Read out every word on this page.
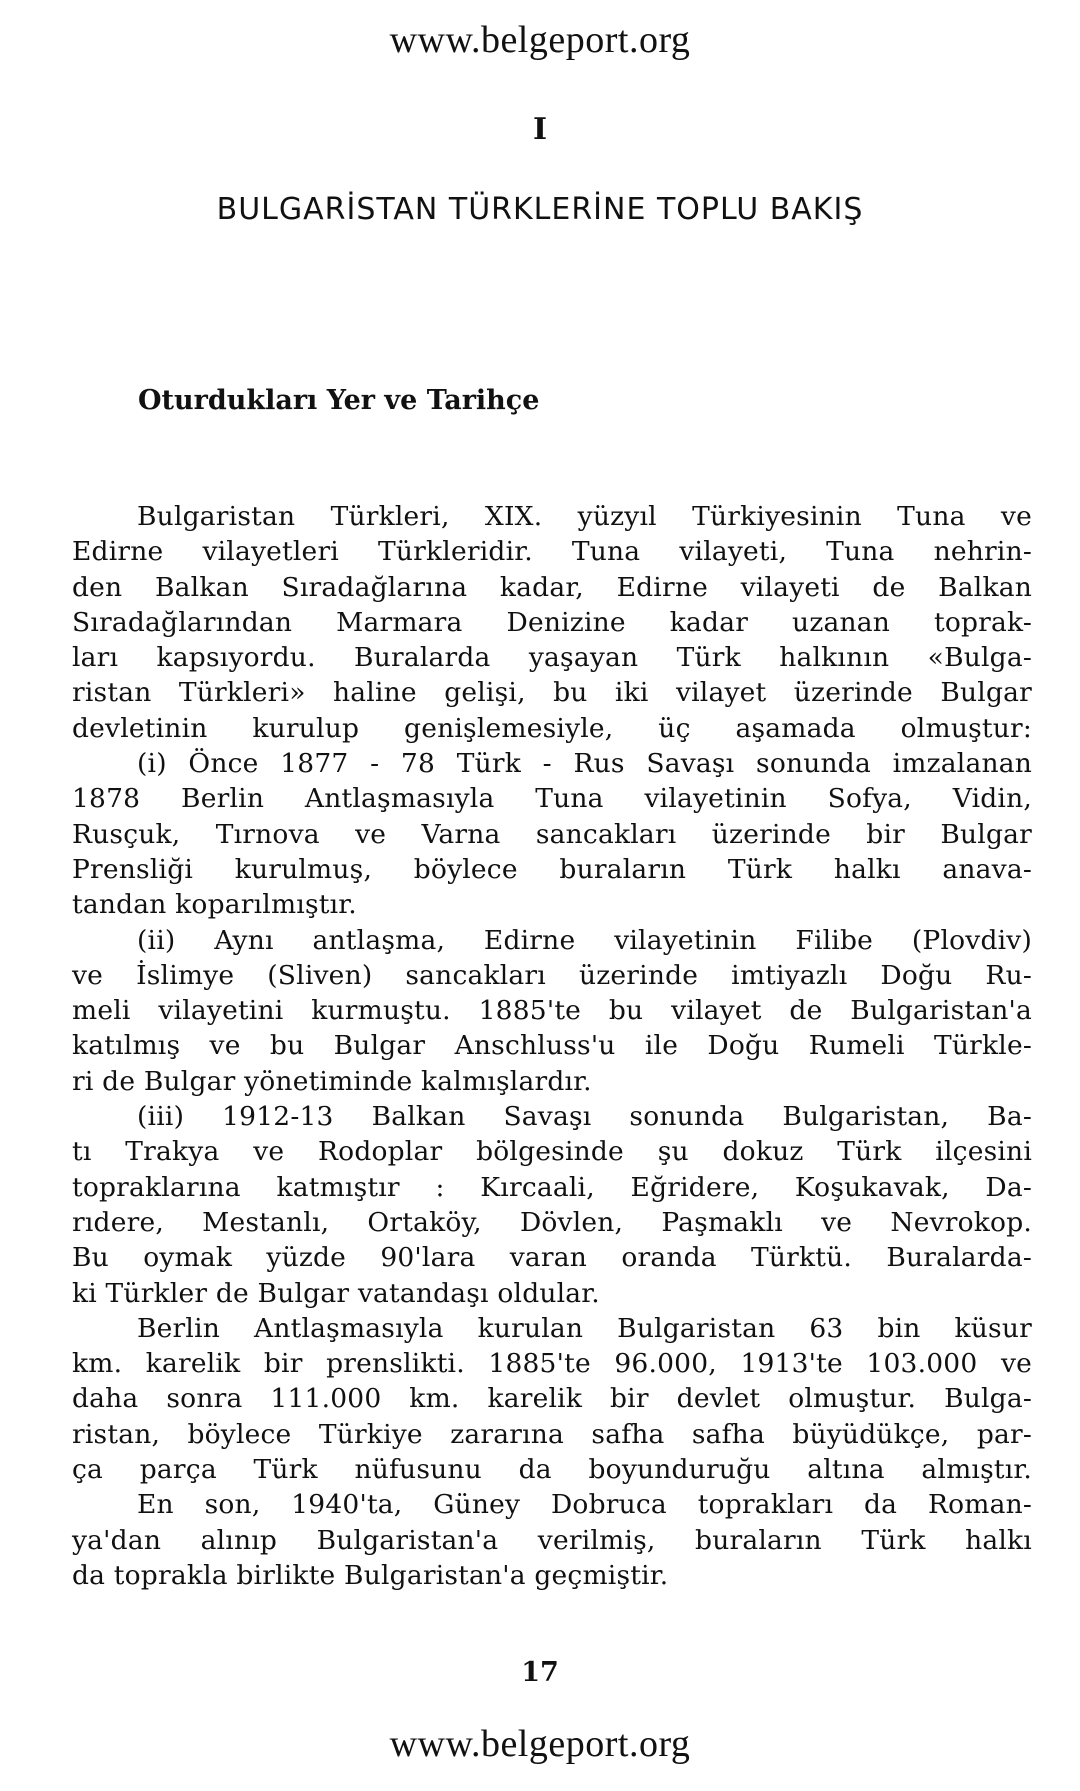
www.belgeport.org
I
BULGARİSTAN TÜRKLERİNE TOPLU BAKIŞ
Oturdukları Yer ve Tarihçe
Bulgaristan Türkleri, XIX. yüzyıl Türkiyesinin Tuna ve
Edirne vilayetleri Türkleridir. Tuna vilayeti, Tuna nehrin-
den Balkan Sıradağlarına kadar, Edirne vilayeti de Balkan
Sıradağlarından Marmara Denizine kadar uzanan toprak-
ları kapsıyordu. Buralarda yaşayan Türk halkının «Bulga-
ristan Türkleri» haline gelişi, bu iki vilayet üzerinde Bulgar
devletinin kurulup genişlemesiyle, üç aşamada olmuştur:
(i) Önce 1877 - 78 Türk - Rus Savaşı sonunda imzalanan
1878 Berlin Antlaşmasıyla Tuna vilayetinin Sofya, Vidin,
Rusçuk, Tırnova ve Varna sancakları üzerinde bir Bulgar
Prensliği kurulmuş, böylece buraların Türk halkı anava-
tandan koparılmıştır.
(ii) Aynı antlaşma, Edirne vilayetinin Filibe (Plovdiv)
ve İslimye (Sliven) sancakları üzerinde imtiyazlı Doğu Ru-
meli vilayetini kurmuştu. 1885'te bu vilayet de Bulgaristan'a
katılmış ve bu Bulgar Anschluss'u ile Doğu Rumeli Türkle-
ri de Bulgar yönetiminde kalmışlardır.
(iii) 1912-13 Balkan Savaşı sonunda Bulgaristan, Ba-
tı Trakya ve Rodoplar bölgesinde şu dokuz Türk ilçesini
topraklarına katmıştır : Kırcaali, Eğridere, Koşukavak, Da-
rıdere, Mestanlı, Ortaköy, Dövlen, Paşmaklı ve Nevrokop.
Bu oymak yüzde 90'lara varan oranda Türktü. Buralarda-
ki Türkler de Bulgar vatandaşı oldular.
Berlin Antlaşmasıyla kurulan Bulgaristan 63 bin küsur
km. karelik bir prenslikti. 1885'te 96.000, 1913'te 103.000 ve
daha sonra 111.000 km. karelik bir devlet olmuştur. Bulga-
ristan, böylece Türkiye zararına safha safha büyüdükçe, par-
ça parça Türk nüfusunu da boyunduruğu altına almıştır.
En son, 1940'ta, Güney Dobruca toprakları da Roman-
ya'dan alınıp Bulgaristan'a verilmiş, buraların Türk halkı
da toprakla birlikte Bulgaristan'a geçmiştir.
17
www.belgeport.org
